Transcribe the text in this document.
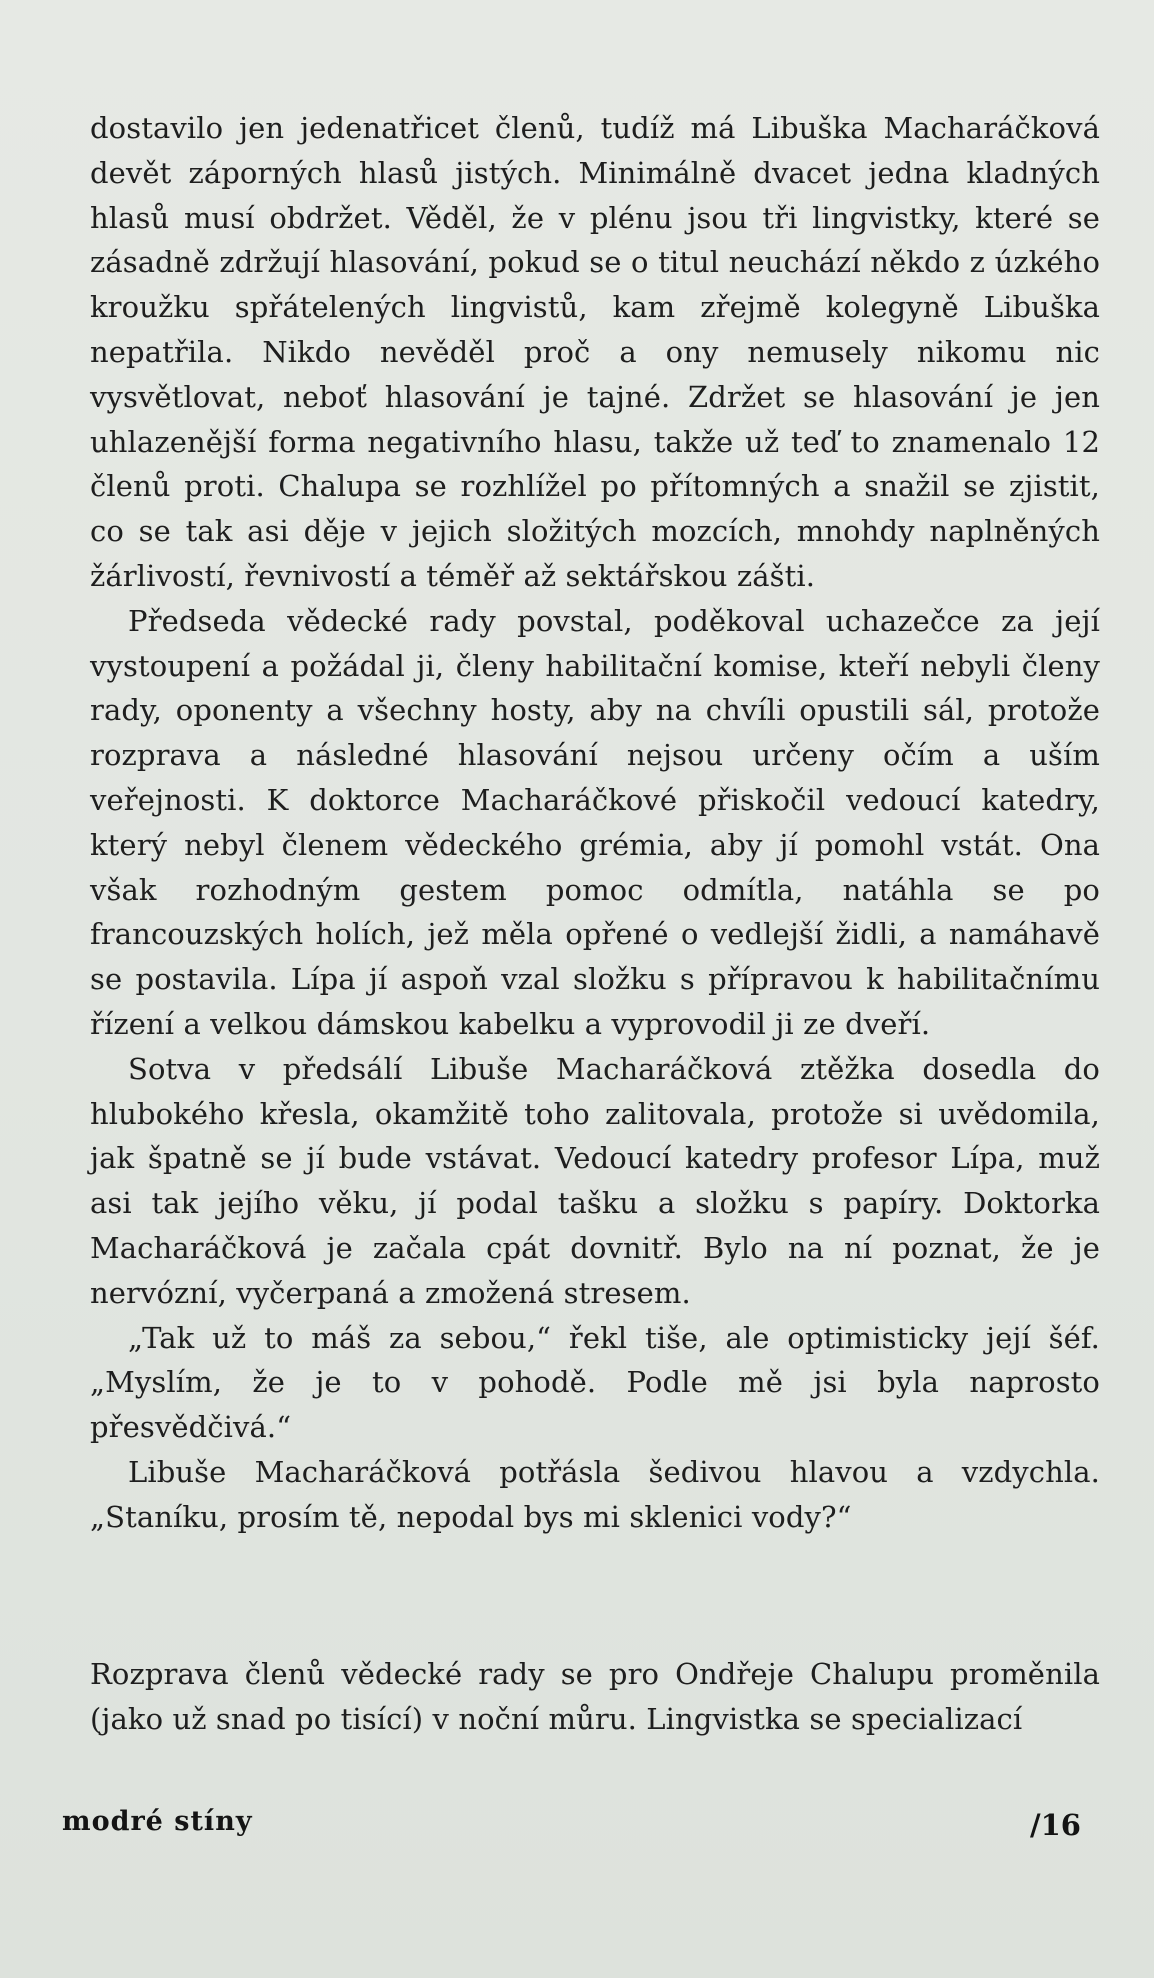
dostavilo jen jedenatřicet členů, tudíž má Libuška Macharáčková devět záporných hlasů jistých. Minimálně dvacet jedna kladných hlasů musí obdržet. Věděl, že v plénu jsou tři lingvistky, které se zásadně zdržují hlasování, pokud se o titul neuchází někdo z úzkého kroužku spřátelených lingvistů, kam zřejmě kolegyně Libuška nepatřila. Nikdo nevěděl proč a ony nemusely nikomu nic vysvětlovat, neboť hlasování je tajné. Zdržet se hlasování je jen uhlazenější forma negativního hlasu, takže už teď to znamenalo 12 členů proti. Chalupa se rozhlížel po přítomných a snažil se zjistit, co se tak asi děje v jejich složitých mozcích, mnohdy naplněných žárlivostí, řevnivostí a téměř až sektářskou zášti.

Předseda vědecké rady povstal, poděkoval uchazečce za její vystoupení a požádal ji, členy habilitační komise, kteří nebyli členy rady, oponenty a všechny hosty, aby na chvíli opustili sál, protože rozprava a následné hlasování nejsou určeny očím a uším veřejnosti. K doktorce Macharáčkové přiskočil vedoucí katedry, který nebyl členem vědeckého grémia, aby jí pomohl vstát. Ona však rozhodným gestem pomoc odmítla, natáhla se po francouzských holích, jež měla opřené o vedlejší židli, a namáhavě se postavila. Lípa jí aspoň vzal složku s přípravou k habilitačnímu řízení a velkou dámskou kabelku a vyprovodil ji ze dveří.

Sotva v předsálí Libuše Macharáčková ztěžka dosedla do hlubokého křesla, okamžitě toho zalitovala, protože si uvědomila, jak špatně se jí bude vstávat. Vedoucí katedry profesor Lípa, muž asi tak jejího věku, jí podal tašku a složku s papíry. Doktorka Macharáčková je začala cpát dovnitř. Bylo na ní poznat, že je nervózní, vyčerpaná a zmožená stresem.

„Tak už to máš za sebou,“ řekl tiše, ale optimisticky její šéf. „Myslím, že je to v pohodě. Podle mě jsi byla naprosto přesvědčivá.“

Libuše Macharáčková potřásla šedivou hlavou a vzdychla. „Staníku, prosím tě, nepodal bys mi sklenici vody?“

Rozprava členů vědecké rady se pro Ondřeje Chalupu proměnila (jako už snad po tisící) v noční můru. Lingvistka se specializací

modré stíny	/16
